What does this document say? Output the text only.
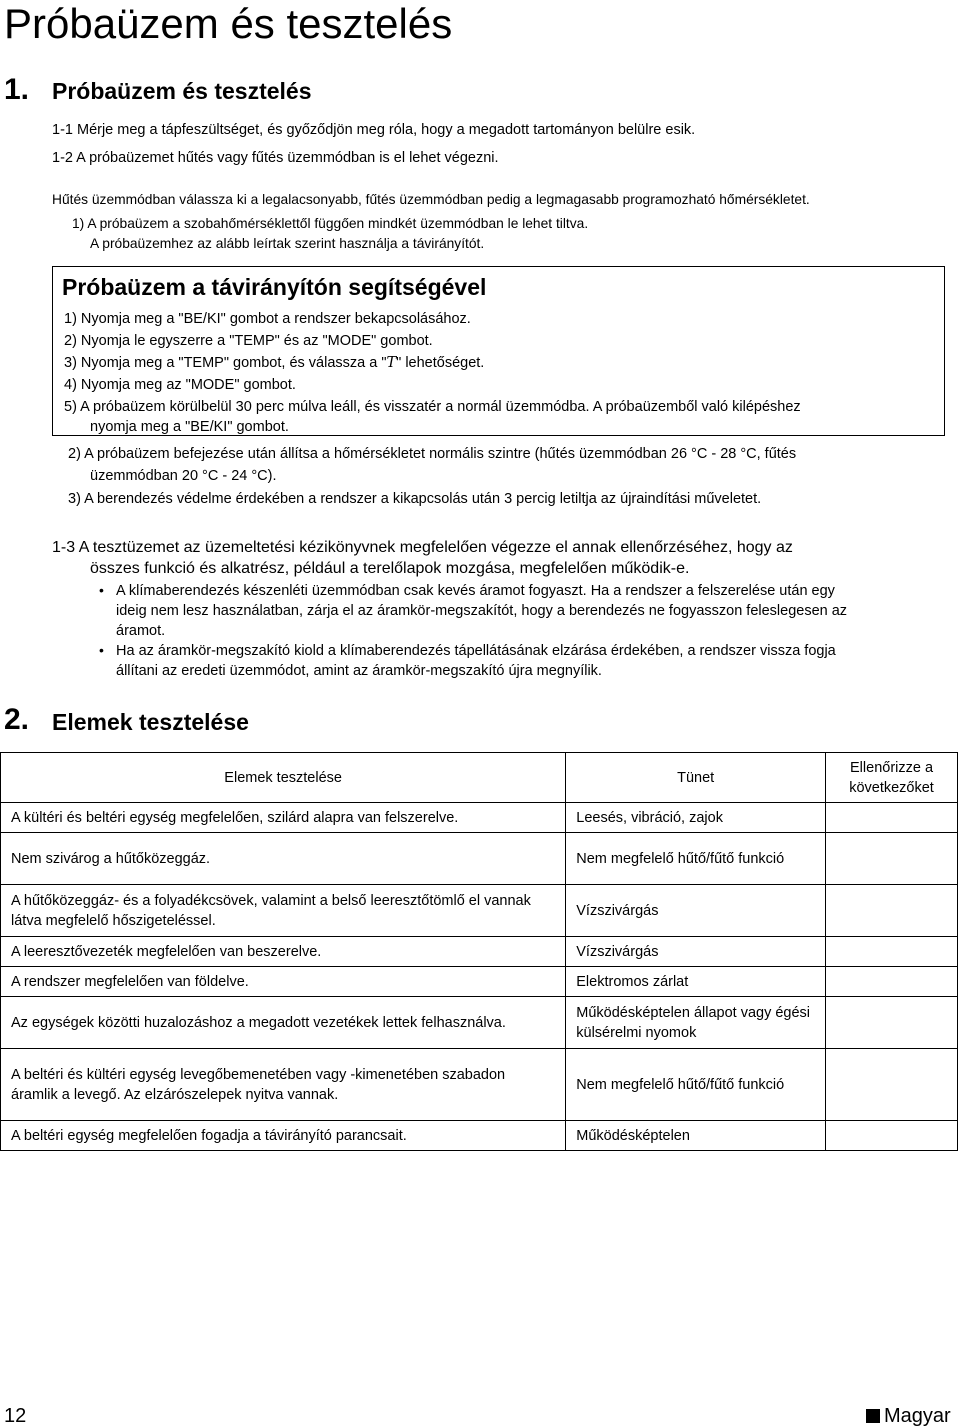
Próbaüzem és tesztelés
1. Próbaüzem és tesztelés
1-1 Mérje meg a tápfeszültséget, és győződjön meg róla, hogy a megadott tartományon belülre esik.
1-2 A próbaüzemet hűtés vagy fűtés üzemmódban is el lehet végezni.
Hűtés üzemmódban válassza ki a legalacsonyabb, fűtés üzemmódban pedig a legmagasabb programozható hőmérsékletet.
1) A próbaüzem a szobahőmérséklettől függően mindkét üzemmódban le lehet tiltva.
A próbaüzemhez az alább leírtak szerint használja a távirányítót.
Próbaüzem a távirányítón segítségével
1) Nyomja meg a "BE/KI" gombot a rendszer bekapcsolásához.
2) Nyomja le egyszerre a "TEMP" és az "MODE" gombot.
3) Nyomja meg a "TEMP" gombot, és válassza a "T" lehetőséget.
4) Nyomja meg az "MODE" gombot.
5) A próbaüzem körülbelül 30 perc múlva leáll, és visszatér a normál üzemmódba. A próbaüzemből való kilépéshez
nyomja meg a "BE/KI" gombot.
2) A próbaüzem befejezése után állítsa a hőmérsékletet normális szintre (hűtés üzemmódban 26 °C - 28 °C, fűtés
üzemmódban 20 °C - 24 °C).
3) A berendezés védelme érdekében a rendszer a kikapcsolás után 3 percig letiltja az újraindítási műveletet.
1-3 A tesztüzemet az üzemeltetési kézikönyvnek megfelelően végezze el annak ellenőrzéséhez, hogy az
összes funkció és alkatrész, például a terelőlapok mozgása, megfelelően működik-e.
• A klímaberendezés készenléti üzemmódban csak kevés áramot fogyaszt. Ha a rendszer a felszerelése után egy
ideig nem lesz használatban, zárja el az áramkör-megszakítót, hogy a berendezés ne fogyasszon feleslegesen az
áramot.
• Ha az áramkör-megszakító kiold a klímaberendezés tápellátásának elzárása érdekében, a rendszer vissza fogja
állítani az eredeti üzemmódot, amint az áramkör-megszakító újra megnyílik.
2. Elemek tesztelése
Elemek tesztelése	Tünet	Ellenőrizze a következőket
A kültéri és beltéri egység megfelelően, szilárd alapra van felszerelve.	Leesés, vibráció, zajok	
Nem szivárog a hűtőközeggáz.	Nem megfelelő hűtő/fűtő funkció	
A hűtőközeggáz- és a folyadékcsövek, valamint a belső leeresztőtömlő el vannak látva megfelelő hőszigeteléssel.	Vízszivárgás	
A leeresztővezeték megfelelően van beszerelve.	Vízszivárgás	
A rendszer megfelelően van földelve.	Elektromos zárlat	
Az egységek közötti huzalozáshoz a megadott vezetékek lettek felhasználva.	Működésképtelen állapot vagy égési külsérelmi nyomok	
A beltéri és kültéri egység levegőbemenetében vagy -kimenetében szabadon áramlik a levegő. Az elzárószelepek nyitva vannak.	Nem megfelelő hűtő/fűtő funkció	
A beltéri egység megfelelően fogadja a távirányító parancsait.	Működésképtelen	
12	Magyar
